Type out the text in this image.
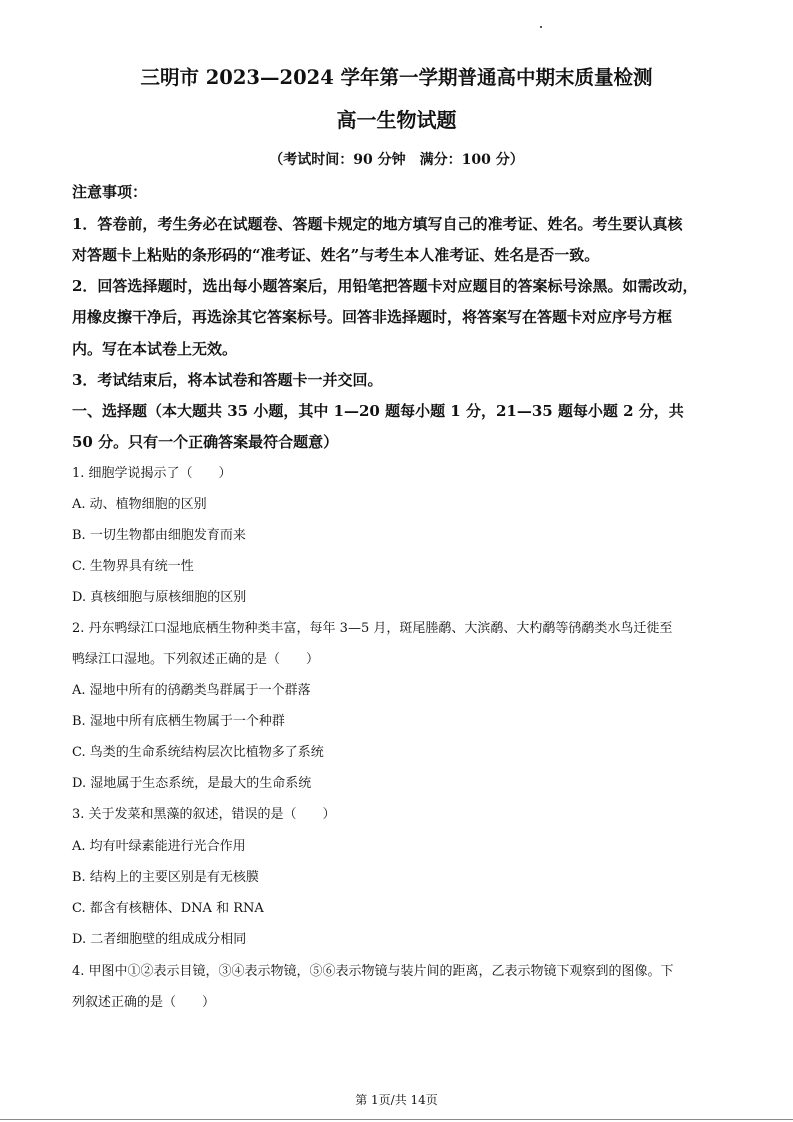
三明市 2023—2024 学年第一学期普通高中期末质量检测
高一生物试题
（考试时间：90 分钟　满分：100 分）
注意事项：
1．答卷前，考生务必在试题卷、答题卡规定的地方填写自己的准考证、姓名。考生要认真核
对答题卡上粘贴的条形码的“准考证、姓名”与考生本人准考证、姓名是否一致。
2．回答选择题时，选出每小题答案后，用铅笔把答题卡对应题目的答案标号涂黑。如需改动，
用橡皮擦干净后，再选涂其它答案标号。回答非选择题时，将答案写在答题卡对应序号方框
内。写在本试卷上无效。
3．考试结束后，将本试卷和答题卡一并交回。
一、选择题（本大题共 35 小题，其中 1—20 题每小题 1 分，21—35 题每小题 2 分，共
50 分。只有一个正确答案最符合题意）
1. 细胞学说揭示了（　　）
A. 动、植物细胞的区别
B. 一切生物都由细胞发育而来
C. 生物界具有统一性
D. 真核细胞与原核细胞的区别
2. 丹东鸭绿江口湿地底栖生物种类丰富，每年 3—5 月，斑尾塍鹬、大滨鹬、大杓鹬等鸻鹬类水鸟迁徙至
鸭绿江口湿地。下列叙述正确的是（　　）
A. 湿地中所有的鸻鹬类鸟群属于一个群落
B. 湿地中所有底栖生物属于一个种群
C. 鸟类的生命系统结构层次比植物多了系统
D. 湿地属于生态系统，是最大的生命系统
3. 关于发菜和黑藻的叙述，错误的是（　　）
A. 均有叶绿素能进行光合作用
B. 结构上的主要区别是有无核膜
C. 都含有核糖体、DNA 和 RNA
D. 二者细胞壁的组成成分相同
4. 甲图中①②表示目镜，③④表示物镜，⑤⑥表示物镜与装片间的距离，乙表示物镜下观察到的图像。下
列叙述正确的是（　　）
第 1页/共 14页
